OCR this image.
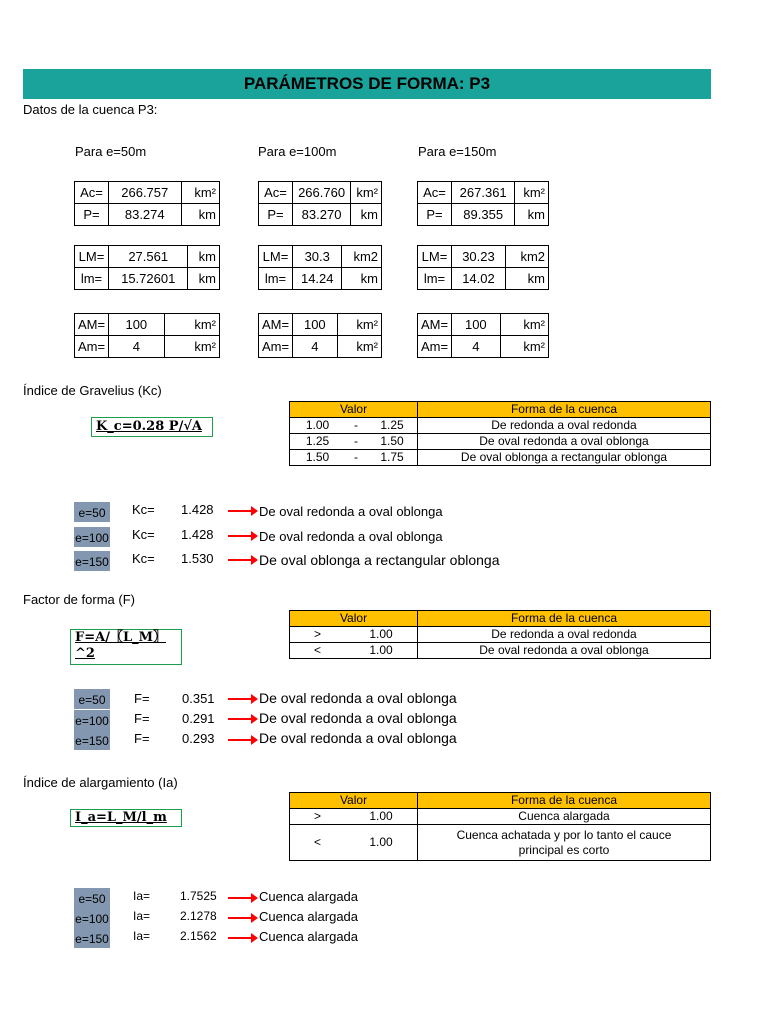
PARÁMETROS DE FORMA: P3
Datos de la cuenca P3:
Para e=50m	Para e=100m	Para e=150m
Ac=	266.757	km²
P=	83.274	km
LM=	27.561	km
lm=	15.72601	km
AM=	100	km²
Am=	4	km²
Ac=	266.760	km²
P=	83.270	km
LM=	30.3	km2
lm=	14.24	km
AM=	100	km²
Am=	4	km²
Ac=	267.361	km²
P=	89.355	km
LM=	30.23	km2
lm=	14.02	km
AM=	100	km²
Am=	4	km²
Índice de Gravelius (Kc)
K_c=0.28 P/√A
Valor			Forma de la cuenca
1.00	-	1.25	De redonda a oval redonda
1.25	-	1.50	De oval redonda a oval oblonga
1.50	-	1.75	De oval oblonga a rectangular oblonga
e=50	Kc= 1.428	De oval redonda a oval oblonga
e=100 Kc= 1.428	De oval redonda a oval oblonga
e=150 Kc= 1.530	De oval oblonga a rectangular oblonga
Factor de forma (F)
F=A/〖L_M〗
^2
Valor		Forma de la cuenca
>	1.00	De redonda a oval redonda
<	1.00	De oval redonda a oval oblonga
e=50	F= 0.351	De oval redonda a oval oblonga
e=100 F= 0.291	De oval redonda a oval oblonga
e=150 F= 0.293	De oval redonda a oval oblonga
Índice de alargamiento (Ia)
I_a=L_M/l_m
Valor		Forma de la cuenca
>	1.00	Cuenca alargada
<	1.00	Cuenca achatada y por lo tanto el cauce principal es corto
e=50	Ia= 1.7525	Cuenca alargada
e=100 Ia= 2.1278	Cuenca alargada
e=150 Ia= 2.1562	Cuenca alargada
